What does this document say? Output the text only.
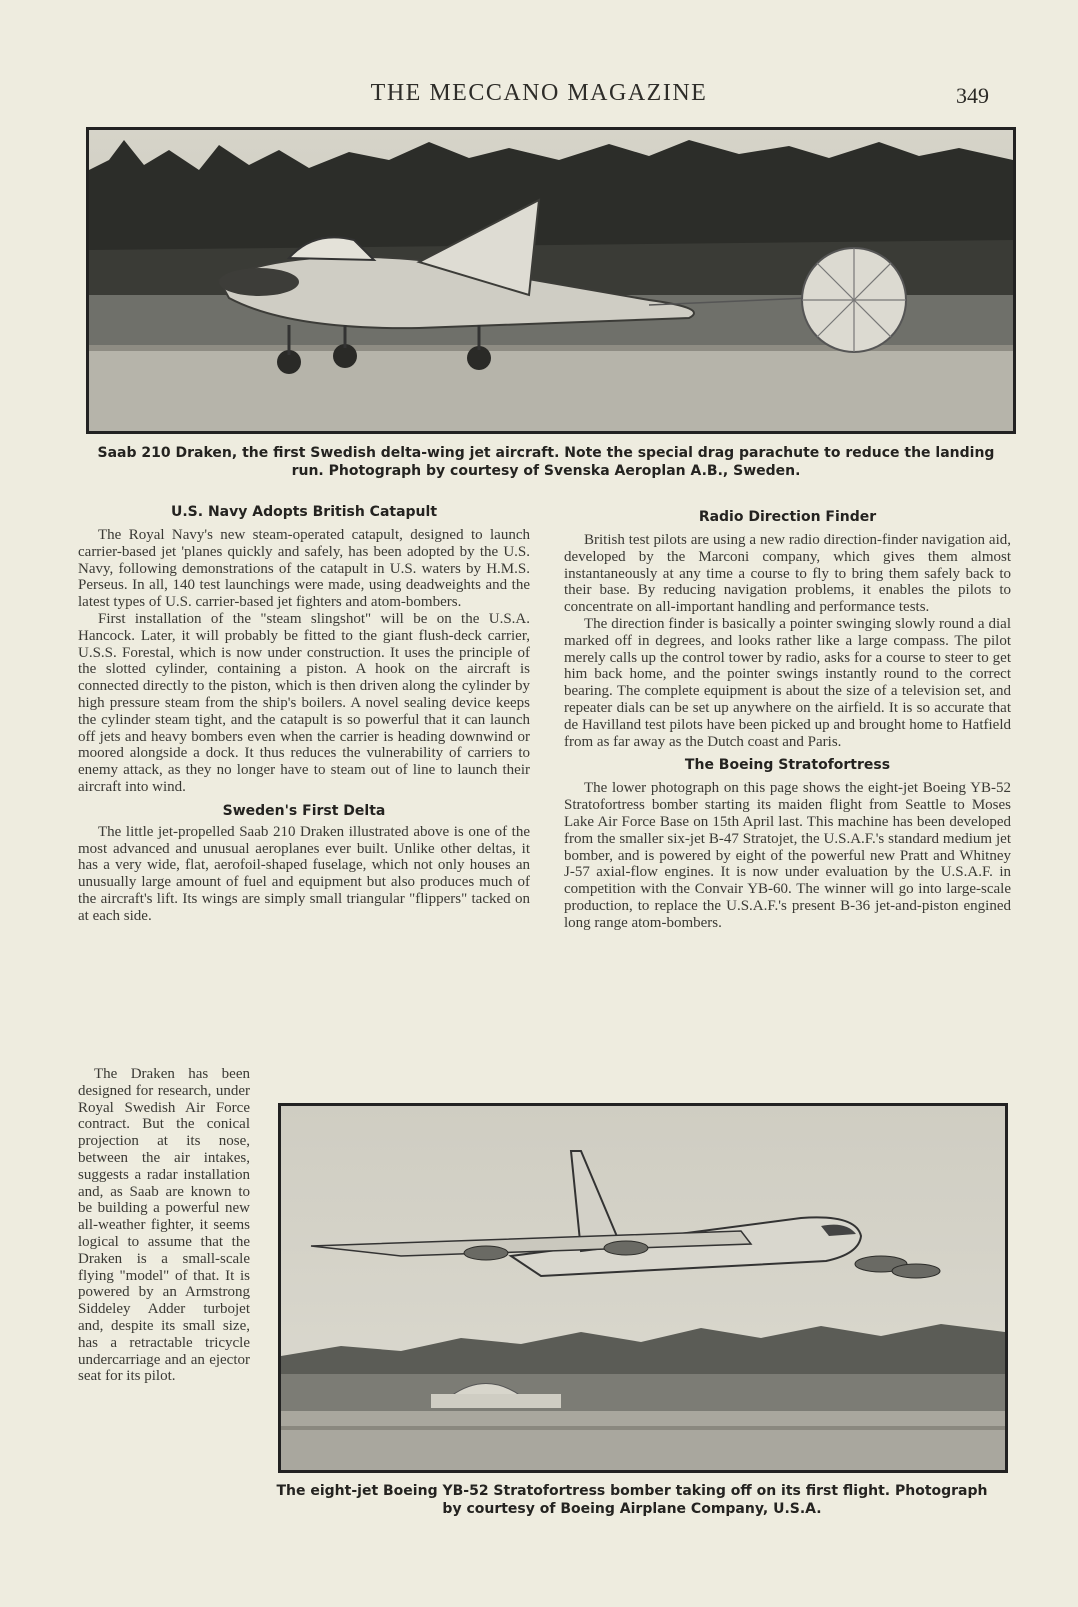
THE MECCANO MAGAZINE	349
Saab 210 Draken, the first Swedish delta-wing jet aircraft. Note the special drag parachute to reduce the landing
run. Photograph by courtesy of Svenska Aeroplan A.B., Sweden.
U.S. Navy Adopts British Catapult

The Royal Navy's new steam-operated catapult, designed to launch carrier-based jet 'planes quickly and safely, has been adopted by the U.S. Navy, following demonstrations of the catapult in U.S. waters by H.M.S. Perseus. In all, 140 test launchings were made, using deadweights and the latest types of U.S. carrier-based jet fighters and atom-bombers.

First installation of the "steam slingshot" will be on the U.S.A. Hancock. Later, it will probably be fitted to the giant flush-deck carrier, U.S.S. Forestal, which is now under construction. It uses the principle of the slotted cylinder, containing a piston. A hook on the aircraft is connected directly to the piston, which is then driven along the cylinder by high pressure steam from the ship's boilers. A novel sealing device keeps the cylinder steam tight, and the catapult is so powerful that it can launch off jets and heavy bombers even when the carrier is heading downwind or moored alongside a dock. It thus reduces the vulnerability of carriers to enemy attack, as they no longer have to steam out of line to launch their aircraft into wind.

Sweden's First Delta

The little jet-propelled Saab 210 Draken illustrated above is one of the most advanced and unusual aeroplanes ever built. Unlike other deltas, it has a very wide, flat, aerofoil-shaped fuselage, which not only houses an unusually large amount of fuel and equipment but also produces much of the aircraft's lift. Its wings are simply small triangular "flippers" tacked on at each side.

The Draken has been designed for research, under Royal Swedish Air Force contract. But the conical projection at its nose, between the air intakes, suggests a radar installation and, as Saab are known to be building a powerful new all-weather fighter, it seems logical to assume that the Draken is a small-scale flying "model" of that. It is powered by an Armstrong Siddeley Adder turbojet and, despite its small size, has a retractable tricycle undercarriage and an ejector seat for its pilot.

Radio Direction Finder

British test pilots are using a new radio direction-finder navigation aid, developed by the Marconi company, which gives them almost instantaneously at any time a course to fly to bring them safely back to their base. By reducing navigation problems, it enables the pilots to concentrate on all-important handling and performance tests.

The direction finder is basically a pointer swinging slowly round a dial marked off in degrees, and looks rather like a large compass. The pilot merely calls up the control tower by radio, asks for a course to steer to get him back home, and the pointer swings instantly round to the correct bearing. The complete equipment is about the size of a television set, and repeater dials can be set up anywhere on the airfield. It is so accurate that de Havilland test pilots have been picked up and brought home to Hatfield from as far away as the Dutch coast and Paris.

The Boeing Stratofortress

The lower photograph on this page shows the eight-jet Boeing YB-52 Stratofortress bomber starting its maiden flight from Seattle to Moses Lake Air Force Base on 15th April last. This machine has been developed from the smaller six-jet B-47 Stratojet, the U.S.A.F.'s standard medium jet bomber, and is powered by eight of the powerful new Pratt and Whitney J-57 axial-flow engines. It is now under evaluation by the U.S.A.F. in competition with the Convair YB-60. The winner will go into large-scale production, to replace the U.S.A.F.'s present B-36 jet-and-piston engined long range atom-bombers.

The eight-jet Boeing YB-52 Stratofortress bomber taking off on its first flight. Photograph
by courtesy of Boeing Airplane Company, U.S.A.
